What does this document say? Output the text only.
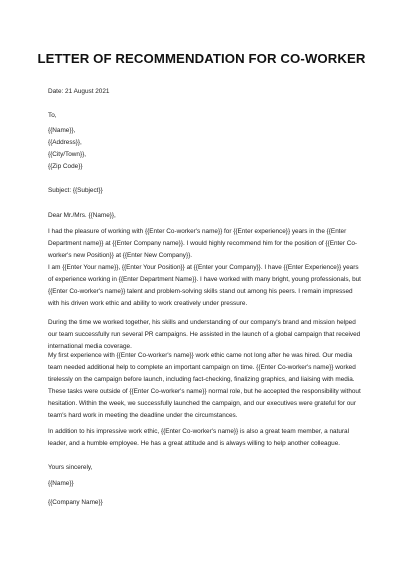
LETTER OF RECOMMENDATION FOR CO-WORKER
Date: 21 August 2021
To,

{{Name}},

{{Address}},

{{City/Town}},

{{Zip Code}}

Subject: {{Subject}}
Dear Mr./Mrs. {{Name}},
I had the pleasure of working with {{Enter Co-worker's name}} for {{Enter experience}} years in the {{Enter Department name}} at {{Enter Company name}}. I would highly recommend him for the position of {{Enter Co-worker's new Position}} at {{Enter New Company}}.
I am {{Enter Your name}}, {{Enter Your Position}} at {{Enter your Company}}. I have {{Enter Experience}} years of experience working in {{Enter Department Name}}. I have worked with many bright, young professionals, but {{Enter Co-worker's name}} talent and problem-solving skills stand out among his peers. I remain impressed with his driven work ethic and ability to work creatively under pressure.
During the time we worked together, his skills and understanding of our company's brand and mission helped our team successfully run several PR campaigns. He assisted in the launch of a global campaign that received international media coverage.
My first experience with {{Enter Co-worker's name}} work ethic came not long after he was hired. Our media team needed additional help to complete an important campaign on time. {{Enter Co-worker's name}} worked tirelessly on the campaign before launch, including fact-checking, finalizing graphics, and liaising with media. These tasks were outside of {{Enter Co-worker's name}} normal role, but he accepted the responsibility without hesitation. Within the week, we successfully launched the campaign, and our executives were grateful for our team's hard work in meeting the deadline under the circumstances.
In addition to his impressive work ethic, {{Enter Co-worker's name}} is also a great team member, a natural leader, and a humble employee. He has a great attitude and is always willing to help another colleague.
Yours sincerely,
{{Name}}
{{Company Name}}
